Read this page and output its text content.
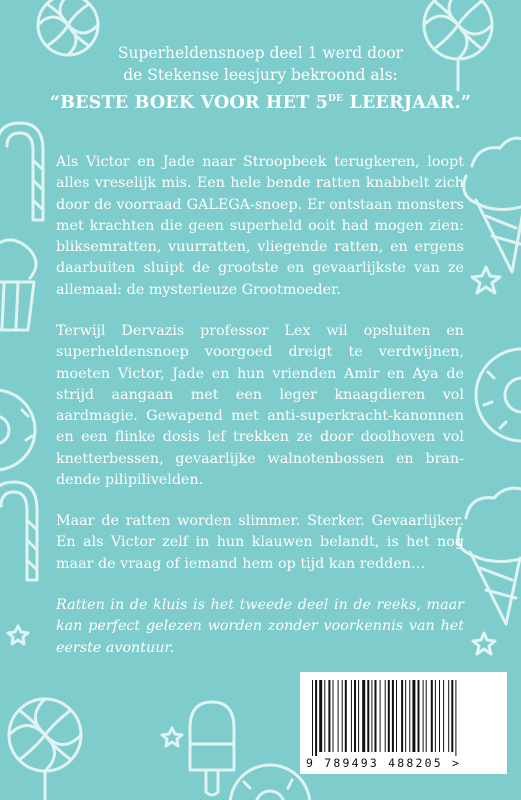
Superheldensnoep deel 1 werd door
de Stekense leesjury bekroond als:
“BESTE BOEK VOOR HET 5DE LEERJAAR.”
Als Victor en Jade naar Stroopbeek terugkeren, loopt alles vreselijk mis. Een hele bende ratten knabbelt zich door de voorraad GALEGA-snoep. Er ontstaan monsters met krachten die geen superheld ooit had mogen zien: bliksemratten, vuurratten, vliegende ratten, en ergens daarbuiten sluipt de grootste en gevaarlijkste van ze allemaal: de mysterieuze Grootmoeder.
Terwijl Dervazis professor Lex wil opsluiten en superheldensnoep voorgoed dreigt te verdwijnen, moeten Victor, Jade en hun vrienden Amir en Aya de strijd aangaan met een leger knaagdieren vol aardmagie. Gewapend met anti-superkracht-kanonnen en een flinke dosis lef trekken ze door doolhoven vol knetterbessen, gevaarlijke walnotenbossen en brandende pilipilivelden.
Maar de ratten worden slimmer. Sterker. Gevaarlijker. En als Victor zelf in hun klauwen belandt, is het nog maar de vraag of iemand hem op tijd kan redden…
Ratten in de kluis is het tweede deel in de reeks, maar kan perfect gelezen worden zonder voorkennis van het eerste avontuur.
9 789493 488205 >
